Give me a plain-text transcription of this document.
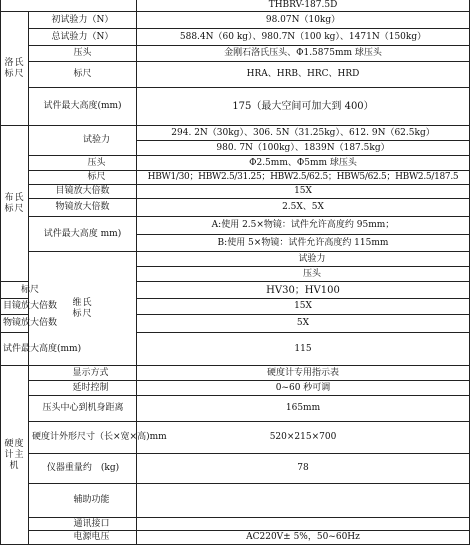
		THBRV-187.5D	
洛氏
标尺	初试验力（N）	98.07N（10kg）	
	总试验力（N）	588.4N（60 kg）、980.7N（100 kg）、1471N（150kg）	
	压头	金刚石洛氏压头、Φ1.5875mm 球压头	
	标尺	HRA、HRB、HRC、HRD	
	试件最大高度(mm)	175（最大空间可加大到 400）	
布氏
标尺	试验力	294. 2N（30kg）、306. 5N（31.25kg）、612. 9N（62.5kg）	
		980. 7N（100kg）、1839N（187.5kg）	
	压头	Φ2.5mm、Φ5mm 球压头	
	标尺	HBW1/30；HBW2.5/31.25；HBW2.5/62.5；HBW5/62.5；HBW2.5/187.5	
	目镜放大倍数	15X	
	物镜放大倍数	2.5X、5X	
	试件最大高度 mm)	A:使用 2.5×物镜：试件允许高度约 95mm；	
		B:使用 5×物镜：试件允许高度约 115mm	
	维氏
标尺	试验力	
		压头	
标尺		HV30；HV100	
目镜放大倍数		15X	
物镜放大倍数		5X	
试件最大高度(mm)		115	
硬度
计主
机	显示方式	硬度计专用指示表	
	延时控制	0~60 秒可调	
	压头中心到机身距离	165mm	
	硬度计外形尺寸（长×宽×高)mm	520×215×700	
	仪器重量约　(kg)	78	
	辅助功能		
	通讯接口		
	电源电压	AC220V± 5%，50~60Hz	
